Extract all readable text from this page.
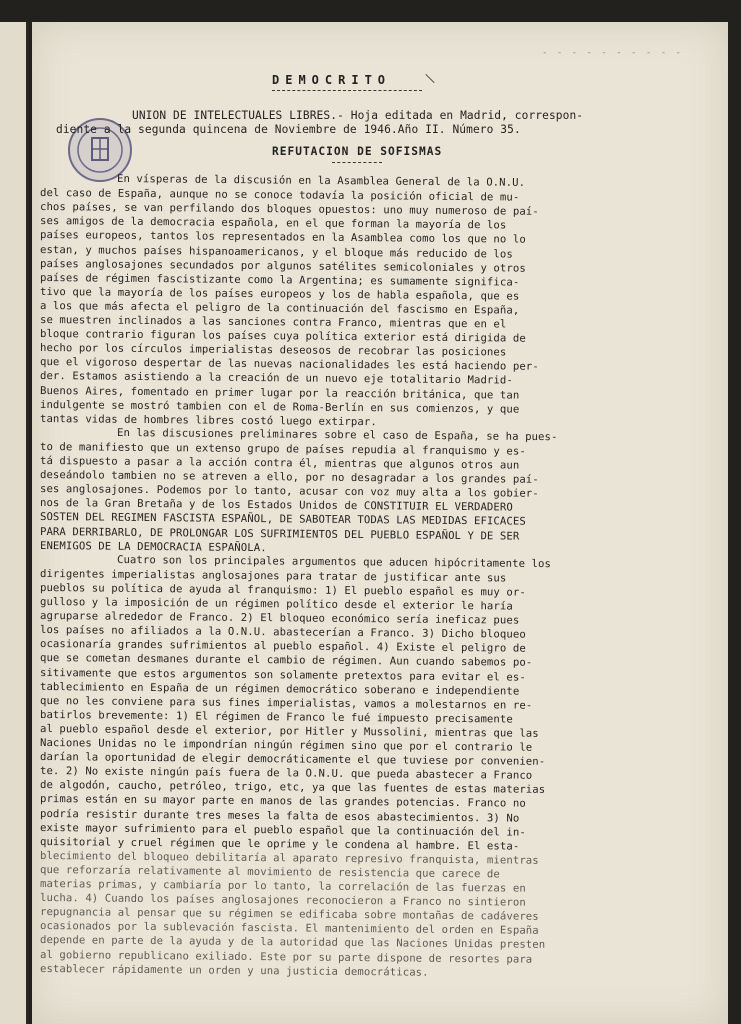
- - - - - - - - - -
DEMOCRITO
UNION DE INTELECTUALES LIBRES.- Hoja editada en Madrid, correspon-
diente a la segunda quincena de Noviembre de 1946.Año II. Número 35.
REFUTACION DE SOFISMAS
En vísperas de la discusión en la Asamblea General de la O.N.U.
del caso de España, aunque no se conoce todavía la posición oficial de mu-
chos países, se van perfilando dos bloques opuestos: uno muy numeroso de paí-
ses amigos de la democracia española, en el que forman la mayoría de los
países europeos, tantos los representados en la Asamblea como los que no lo
estan, y muchos países hispanoamericanos, y el bloque más reducido de los
países anglosajones secundados por algunos satélites semicoloniales y otros
países de régimen fascistizante como la Argentina; es sumamente significa-
tivo que la mayoría de los países europeos y los de habla española, que es
a los que más afecta el peligro de la continuación del fascismo en España,
se muestren inclinados a las sanciones contra Franco, mientras que en el
bloque contrario figuran los países cuya política exterior está dirigida de
hecho por los círculos imperialistas deseosos de recobrar las posiciones
que el vigoroso despertar de las nuevas nacionalidades les está haciendo per-
der. Estamos asistiendo a la creación de un nuevo eje totalitario Madrid-
Buenos Aires, fomentado en primer lugar por la reacción británica, que tan
indulgente se mostró tambien con el de Roma-Berlín en sus comienzos, y que
tantas vidas de hombres libres costó luego extirpar.
En las discusiones preliminares sobre el caso de España, se ha pues-
to de manifiesto que un extenso grupo de países repudia al franquismo y es-
tá dispuesto a pasar a la acción contra él, mientras que algunos otros aun
deseándolo tambien no se atreven a ello, por no desagradar a los grandes paí-
ses anglosajones. Podemos por lo tanto, acusar con voz muy alta a los gobier-
nos de la Gran Bretaña y de los Estados Unidos de CONSTITUIR EL VERDADERO
SOSTEN DEL REGIMEN FASCISTA ESPAÑOL, DE SABOTEAR TODAS LAS MEDIDAS EFICACES
PARA DERRIBARLO, DE PROLONGAR LOS SUFRIMIENTOS DEL PUEBLO ESPAÑOL Y DE SER
ENEMIGOS DE LA DEMOCRACIA ESPAÑOLA.
Cuatro son los principales argumentos que aducen hipócritamente los
dirigentes imperialistas anglosajones para tratar de justificar ante sus
pueblos su política de ayuda al franquismo: 1) El pueblo español es muy or-
gulloso y la imposición de un régimen político desde el exterior le haría
agruparse alrededor de Franco. 2) El bloqueo económico sería ineficaz pues
los países no afiliados a la O.N.U. abastecerían a Franco. 3) Dicho bloqueo
ocasionaría grandes sufrimientos al pueblo español. 4) Existe el peligro de
que se cometan desmanes durante el cambio de régimen. Aun cuando sabemos po-
sitivamente que estos argumentos son solamente pretextos para evitar el es-
tablecimiento en España de un régimen democrático soberano e independiente
que no les conviene para sus fines imperialistas, vamos a molestarnos en re-
batirlos brevemente: 1) El régimen de Franco le fué impuesto precisamente
al pueblo español desde el exterior, por Hitler y Mussolini, mientras que las
Naciones Unidas no le impondrían ningún régimen sino que por el contrario le
darían la oportunidad de elegir democráticamente el que tuviese por convenien-
te. 2) No existe ningún país fuera de la O.N.U. que pueda abastecer a Franco
de algodón, caucho, petróleo, trigo, etc, ya que las fuentes de estas materias
primas están en su mayor parte en manos de las grandes potencias. Franco no
podría resistir durante tres meses la falta de esos abastecimientos. 3) No
existe mayor sufrimiento para el pueblo español que la continuación del in-
quisitorial y cruel régimen que le oprime y le condena al hambre. El esta-
blecimiento del bloqueo debilitaría al aparato represivo franquista, mientras
que reforzaría relativamente al movimiento de resistencia que carece de
materias primas, y cambiaría por lo tanto, la correlación de las fuerzas en
lucha. 4) Cuando los países anglosajones reconocieron a Franco no sintieron
repugnancia al pensar que su régimen se edificaba sobre montañas de cadáveres
ocasionados por la sublevación fascista. El mantenimiento del orden en España
depende en parte de la ayuda y de la autoridad que las Naciones Unidas presten
al gobierno republicano exiliado. Este por su parte dispone de resortes para
establecer rápidamente un orden y una justicia democráticas.
